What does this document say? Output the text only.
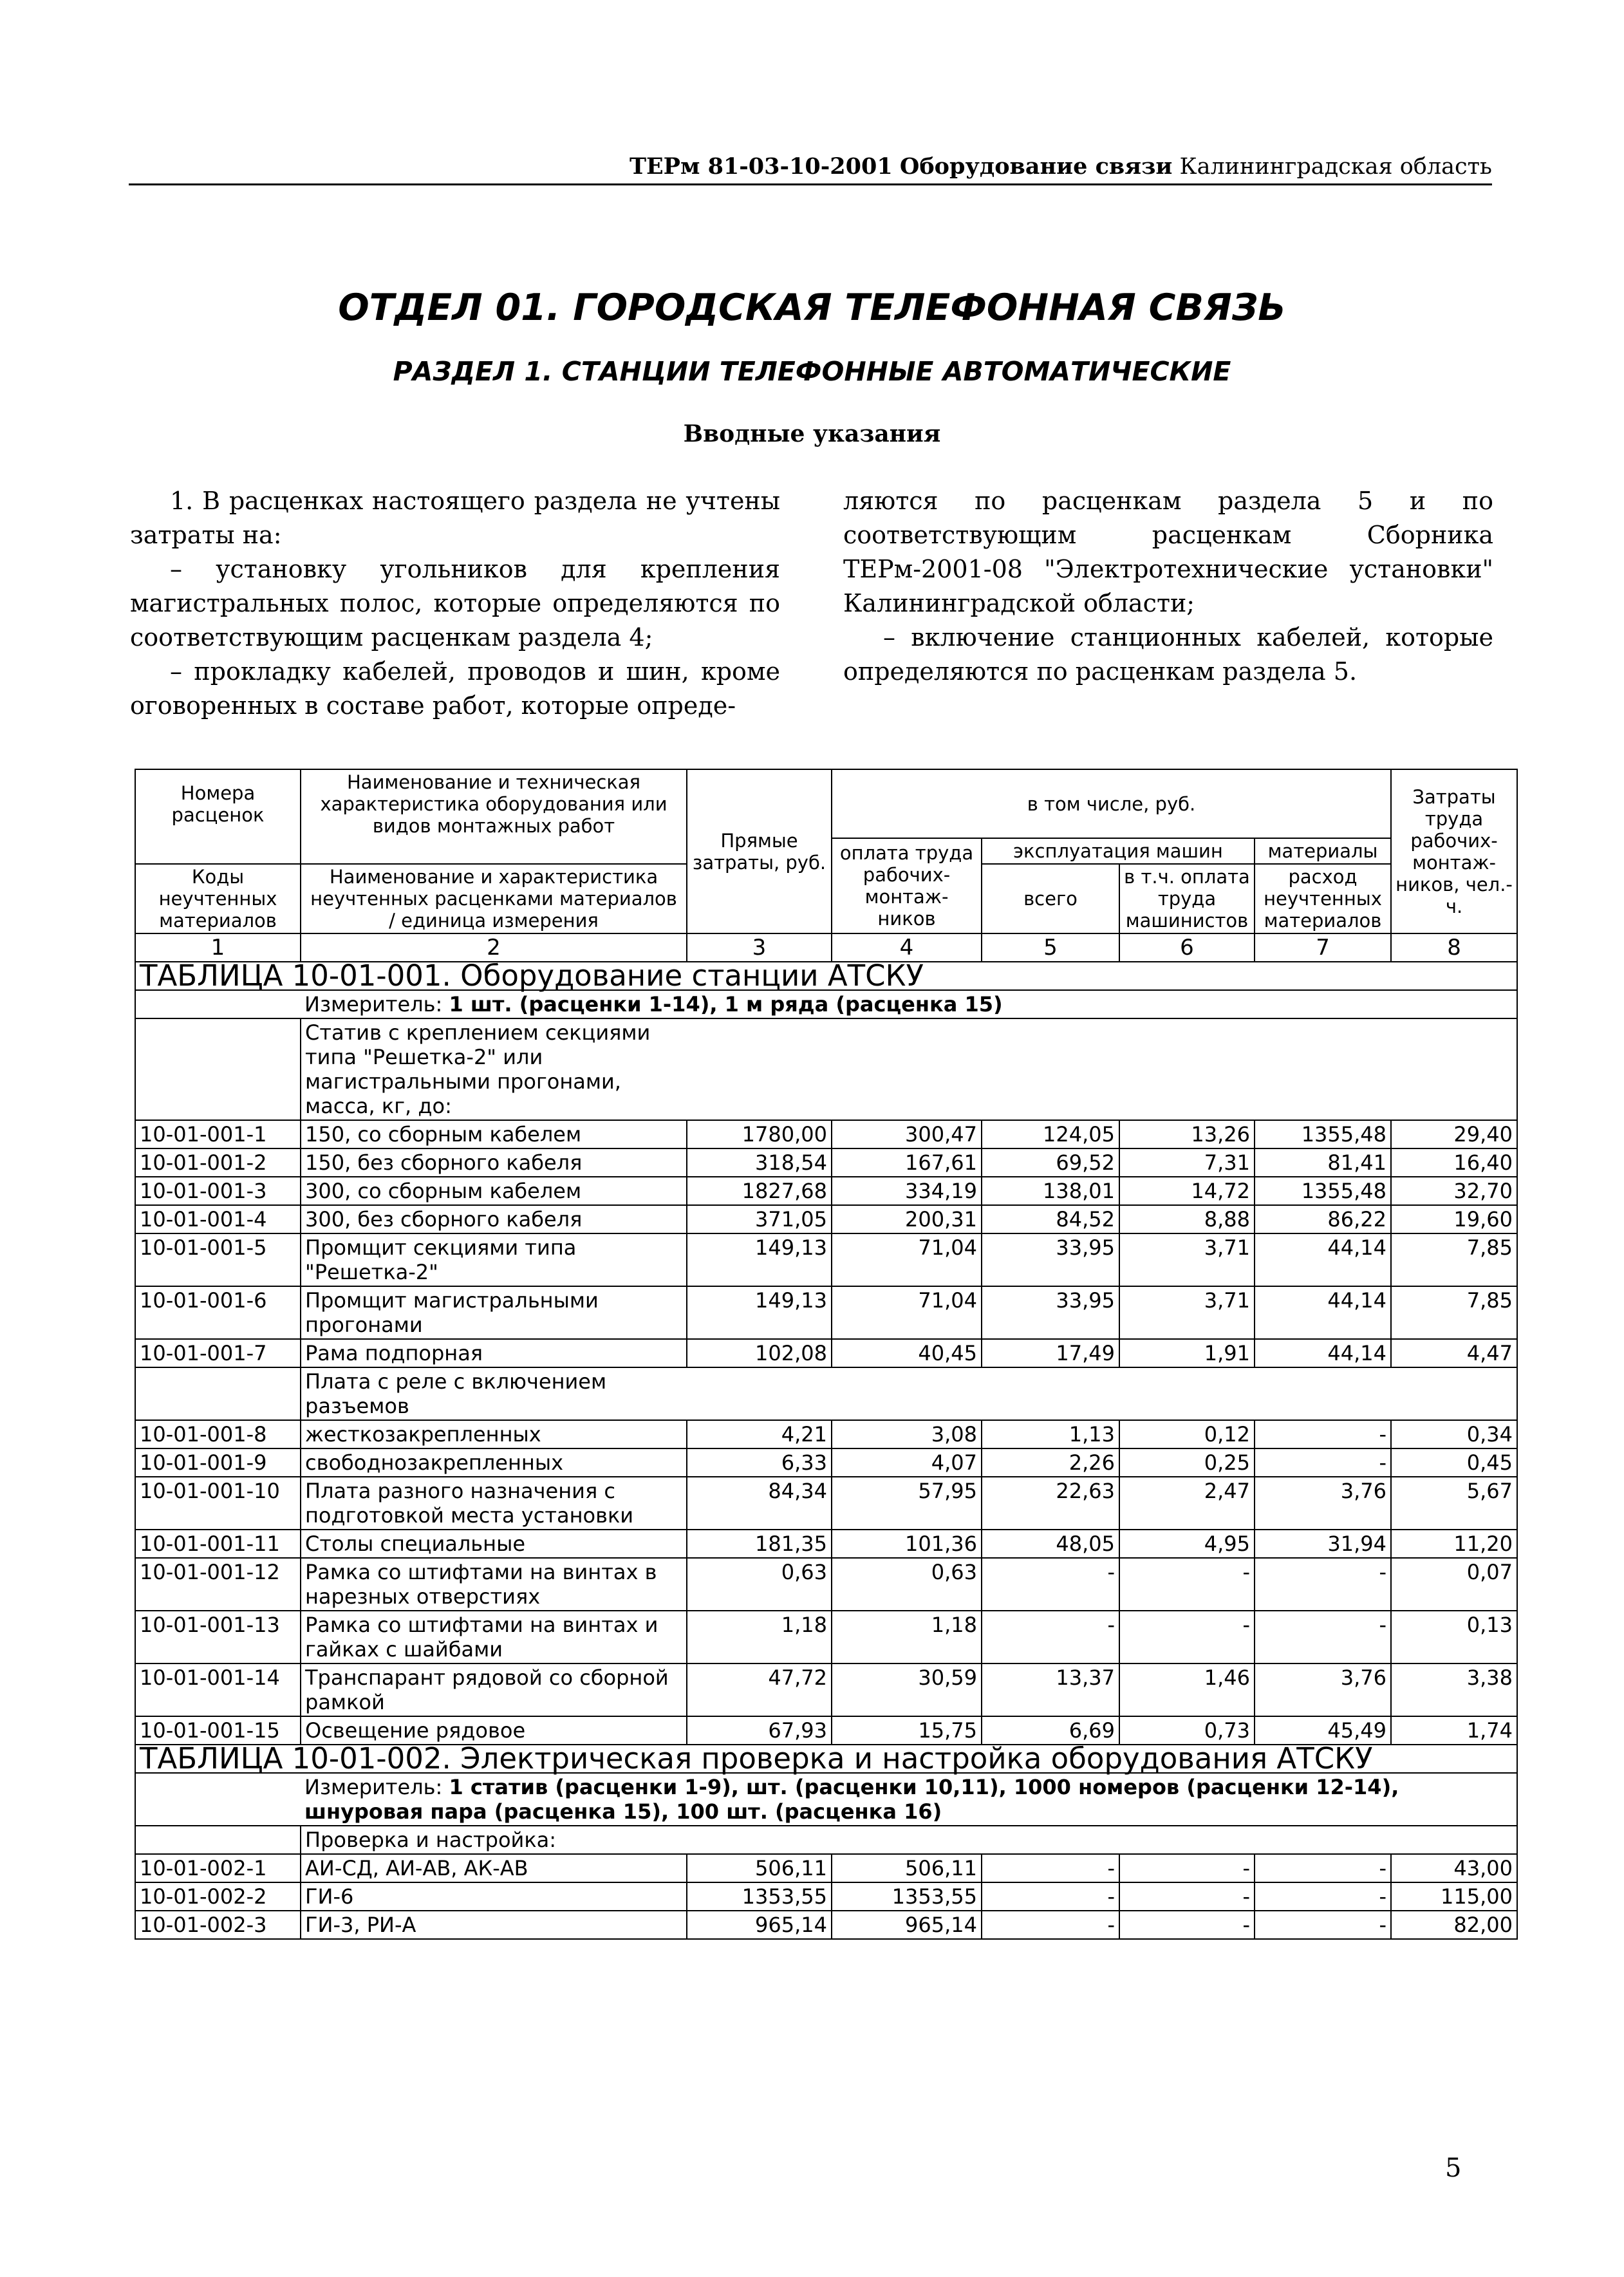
ТЕРм 81-03-10-2001 Оборудование связи Калининградская область
ОТДЕЛ 01. ГОРОДСКАЯ ТЕЛЕФОННАЯ СВЯЗЬ
РАЗДЕЛ 1. СТАНЦИИ ТЕЛЕФОННЫЕ АВТОМАТИЧЕСКИЕ
Вводные указания

1. В расценках настоящего раздела не учтены затраты на:

– установку угольников для крепления магистральных полос, которые определяются по соответствующим расценкам раздела 4;

– прокладку кабелей, проводов и шин, кроме оговоренных в составе работ, которые опреде-

ляются по расценкам раздела 5 и по соответствующим расценкам Сборника ТЕРм-2001-08 "Электротехнические установки" Калининградской области;

– включение станционных кабелей, которые определяются по расценкам раздела 5.

Номера расценок	Наименование и техническая характеристика оборудования или видов монтажных работ	Прямые затраты, руб.	в том числе, руб.				Затраты труда рабочих-монтаж-ников, чел.-ч.
			оплата труда рабочих-монтаж-ников	эксплуатация машин		материалы	
Коды неучтенных материалов	Наименование и характеристика неучтенных расценками материалов / единица измерения			всего	в т.ч. оплата труда машинистов	расход неучтенных материалов	

1	2	3	4	5	6	7	8
ТАБЛИЦА 10-01-001. Оборудование станции АТСКУ							
	Измеритель: 1 шт. (расценки 1-14), 1 м ряда (расценка 15)						
	Статив с креплением секциями типа "Решетка-2" или магистральными прогонами, масса, кг, до:						
10-01-001-1	150, со сборным кабелем	1780,00	300,47	124,05	13,26	1355,48	29,40
10-01-001-2	150, без сборного кабеля	318,54	167,61	69,52	7,31	81,41	16,40
10-01-001-3	300, со сборным кабелем	1827,68	334,19	138,01	14,72	1355,48	32,70
10-01-001-4	300, без сборного кабеля	371,05	200,31	84,52	8,88	86,22	19,60
10-01-001-5	Промщит секциями типа "Решетка-2"	149,13	71,04	33,95	3,71	44,14	7,85
10-01-001-6	Промщит магистральными прогонами	149,13	71,04	33,95	3,71	44,14	7,85
10-01-001-7	Рама подпорная	102,08	40,45	17,49	1,91	44,14	4,47
	Плата с реле с включением разъемов						
10-01-001-8	жесткозакрепленных	4,21	3,08	1,13	0,12	-	0,34
10-01-001-9	свободнозакрепленных	6,33	4,07	2,26	0,25	-	0,45
10-01-001-10	Плата разного назначения с подготовкой места установки	84,34	57,95	22,63	2,47	3,76	5,67
10-01-001-11	Столы специальные	181,35	101,36	48,05	4,95	31,94	11,20
10-01-001-12	Рамка со штифтами на винтах в нарезных отверстиях	0,63	0,63	-	-	-	0,07
10-01-001-13	Рамка со штифтами на винтах и гайках с шайбами	1,18	1,18	-	-	-	0,13
10-01-001-14	Транспарант рядовой со сборной рамкой	47,72	30,59	13,37	1,46	3,76	3,38
10-01-001-15	Освещение рядовое	67,93	15,75	6,69	0,73	45,49	1,74
ТАБЛИЦА 10-01-002. Электрическая проверка и настройка оборудования АТСКУ							
	Измеритель: 1 статив (расценки 1-9), шт. (расценки 10,11), 1000 номеров (расценки 12-14), шнуровая пара (расценка 15), 100 шт. (расценка 16)						
	Проверка и настройка:						
10-01-002-1	АИ-СД, АИ-АВ, АК-АВ	506,11	506,11	-	-	-	43,00
10-01-002-2	ГИ-6	1353,55	1353,55	-	-	-	115,00
10-01-002-3	ГИ-3, РИ-А	965,14	965,14	-	-	-	82,00
5
